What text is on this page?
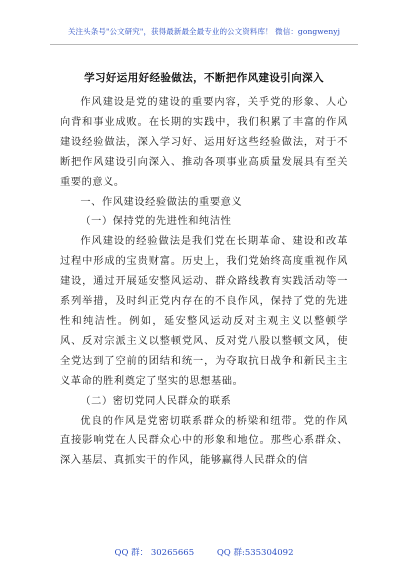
关注头条号"公文研究"，获得最新最全最专业的公文资料库！ 微信：gongwenyj
学习好运用好经验做法，不断把作风建设引向深入

作风建设是党的建设的重要内容，关乎党的形象、人心向背和事业成败。在长期的实践中，我们积累了丰富的作风建设经验做法，深入学习好、运用好这些经验做法，对于不断把作风建设引向深入、推动各项事业高质量发展具有至关重要的意义。

一、作风建设经验做法的重要意义

（一）保持党的先进性和纯洁性

作风建设的经验做法是我们党在长期革命、建设和改革过程中形成的宝贵财富。历史上，我们党始终高度重视作风建设，通过开展延安整风运动、群众路线教育实践活动等一系列举措，及时纠正党内存在的不良作风，保持了党的先进性和纯洁性。例如，延安整风运动反对主观主义以整顿学风、反对宗派主义以整顿党风、反对党八股以整顿文风，使全党达到了空前的团结和统一，为夺取抗日战争和新民主主义革命的胜利奠定了坚实的思想基础。

（二）密切党同人民群众的联系

优良的作风是党密切联系群众的桥梁和纽带。党的作风直接影响党在人民群众心中的形象和地位。那些心系群众、深入基层、真抓实干的作风，能够赢得人民群众的信

QQ 群： 30265665	QQ 群:535304092
